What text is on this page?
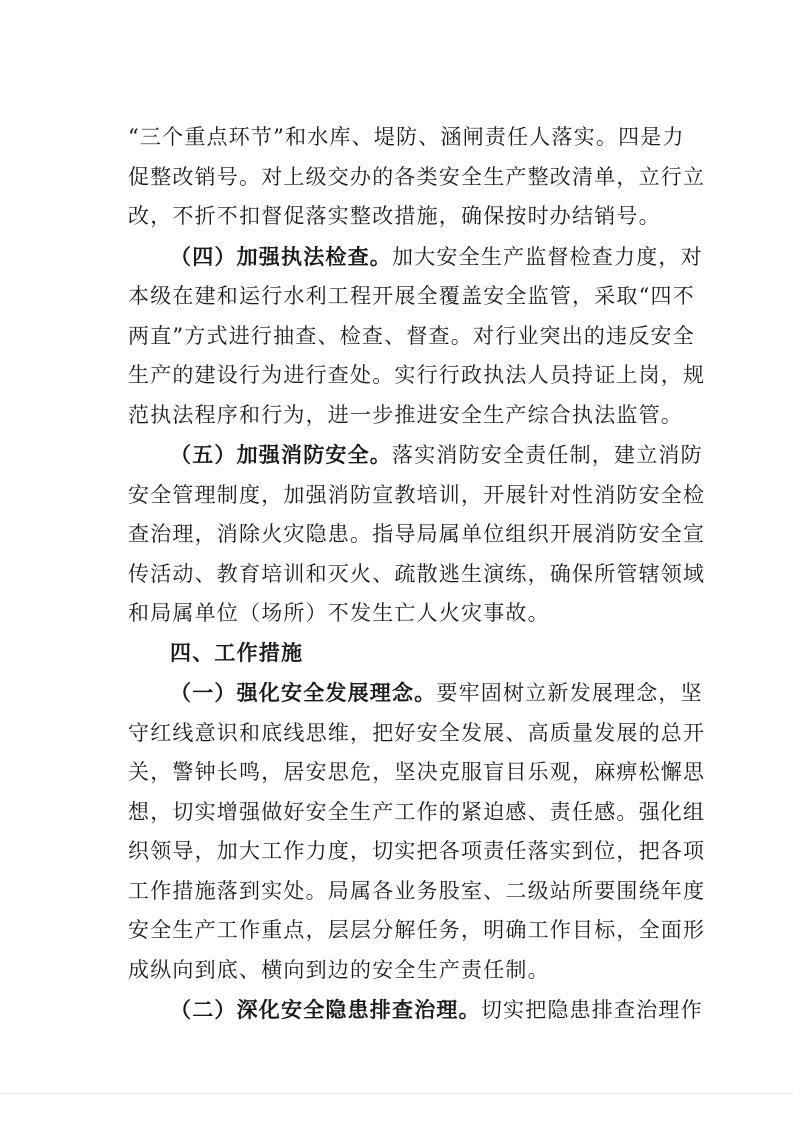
“三个重点环节”和水库、堤防、涵闸责任人落实。四是力
促整改销号。对上级交办的各类安全生产整改清单，立行立
改，不折不扣督促落实整改措施，确保按时办结销号。
（四）加强执法检查。加大安全生产监督检查力度，对
本级在建和运行水利工程开展全覆盖安全监管，采取“四不
两直”方式进行抽查、检查、督查。对行业突出的违反安全
生产的建设行为进行查处。实行行政执法人员持证上岗，规
范执法程序和行为，进一步推进安全生产综合执法监管。
（五）加强消防安全。落实消防安全责任制，建立消防
安全管理制度，加强消防宣教培训，开展针对性消防安全检
查治理，消除火灾隐患。指导局属单位组织开展消防安全宣
传活动、教育培训和灭火、疏散逃生演练，确保所管辖领域
和局属单位（场所）不发生亡人火灾事故。
四、工作措施
（一）强化安全发展理念。要牢固树立新发展理念，坚
守红线意识和底线思维，把好安全发展、高质量发展的总开
关，警钟长鸣，居安思危，坚决克服盲目乐观，麻痹松懈思
想，切实增强做好安全生产工作的紧迫感、责任感。强化组
织领导，加大工作力度，切实把各项责任落实到位，把各项
工作措施落到实处。局属各业务股室、二级站所要围绕年度
安全生产工作重点，层层分解任务，明确工作目标，全面形
成纵向到底、横向到边的安全生产责任制。
（二）深化安全隐患排查治理。切实把隐患排查治理作
